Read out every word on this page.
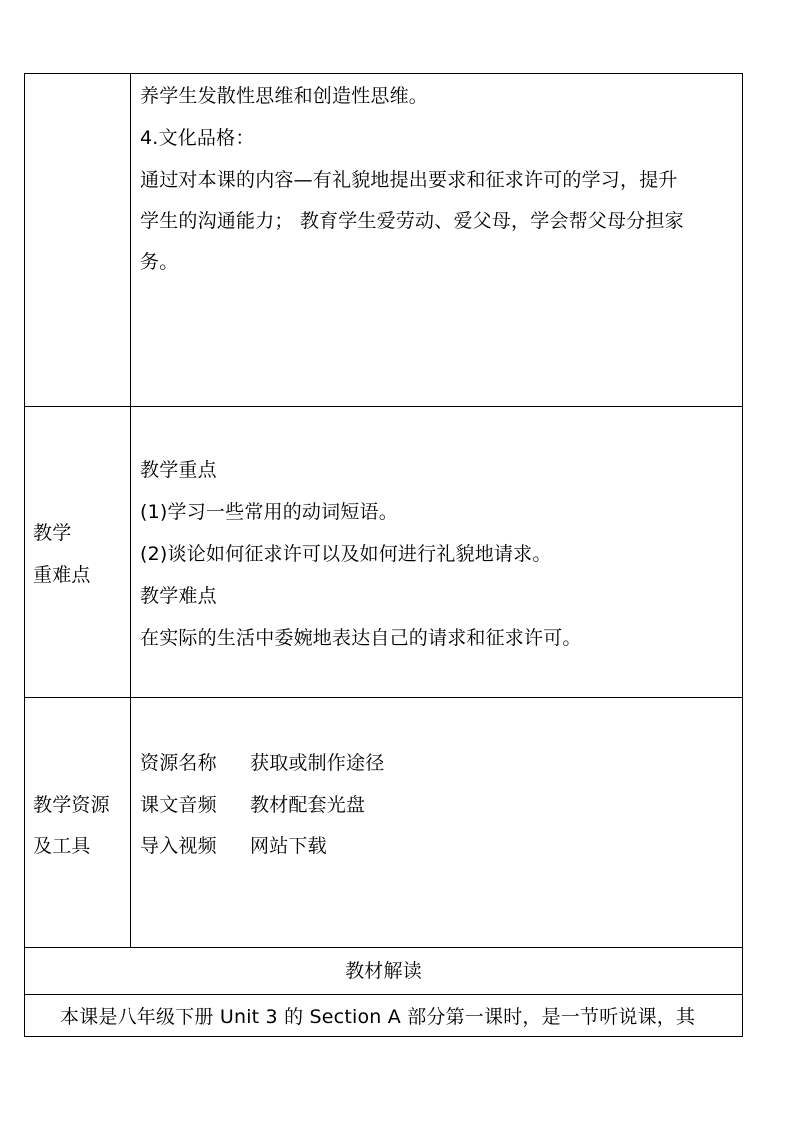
养学生发散性思维和创造性思维。
4.文化品格：
通过对本课的内容—有礼貌地提出要求和征求许可的学习，提升
学生的沟通能力； 教育学生爱劳动、爱父母，学会帮父母分担家
务。
教学
重难点
教学重点
(1)学习一些常用的动词短语。
(2)谈论如何征求许可以及如何进行礼貌地请求。
教学难点
在实际的生活中委婉地表达自己的请求和征求许可。
教学资源
及工具
资源名称 获取或制作途径
课文音频 教材配套光盘
导入视频 网站下载
教材解读
本课是八年级下册 Unit 3 的 Section A 部分第一课时，是一节听说课，其
